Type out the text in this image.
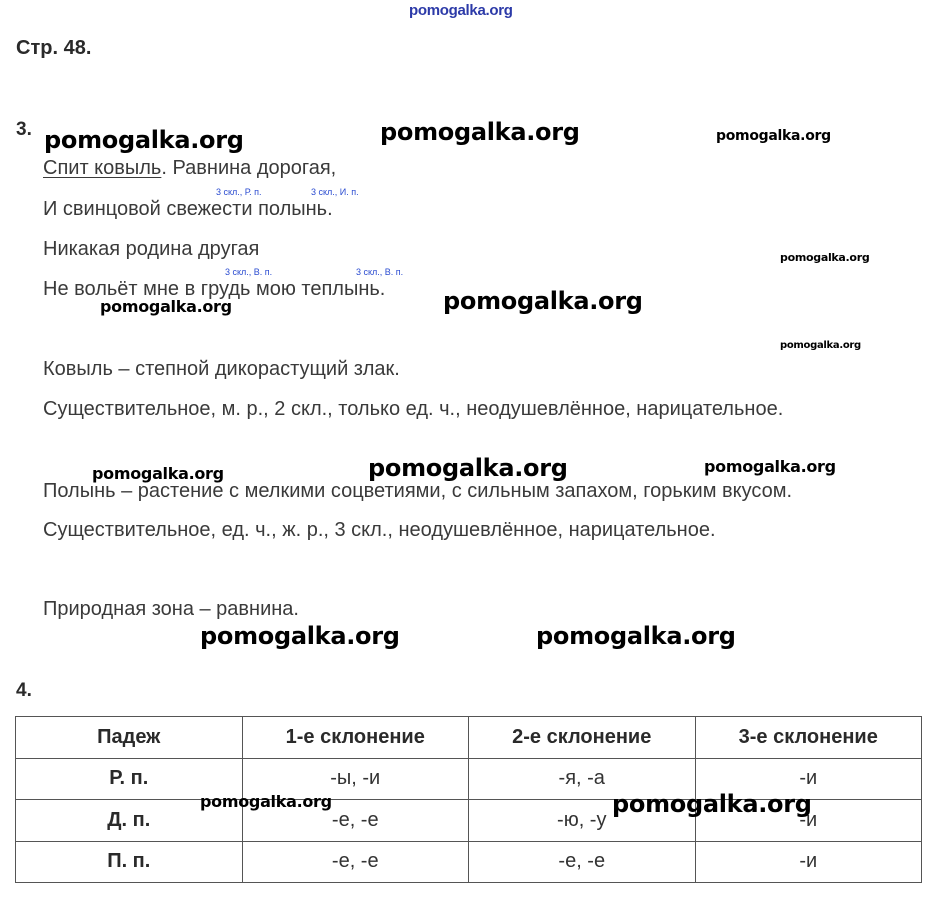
pomogalka.org
Стр. 48.
3.
Спит ковыль. Равнина дорогая,
3 скл., Р. п.	3 скл., И. п.
И свинцовой свежести полынь.
Никакая родина другая
3 скл., В. п.	3 скл., В. п.
Не вольёт мне в грудь мою теплынь.
Ковыль – степной дикорастущий злак.
Существительное, м. р., 2 скл., только ед. ч., неодушевлённое, нарицательное.
Полынь – растение с мелкими соцветиями, с сильным запахом, горьким вкусом.
Существительное, ед. ч., ж. р., 3 скл., неодушевлённое, нарицательное.
Природная зона – равнина.
4.
Падеж	1-е склонение	2-е склонение	3-е склонение
Р. п.	-ы, -и	-я, -а	-и
Д. п.	-е, -е	-ю, -у	-и
П. п.	-е, -е	-е, -е	-и
pomogalka.org	pomogalka.org	pomogalka.org
pomogalka.org
pomogalka.org
pomogalka.org
pomogalka.org
pomogalka.org	pomogalka.org	pomogalka.org
pomogalka.org	pomogalka.org
pomogalka.org	pomogalka.org
